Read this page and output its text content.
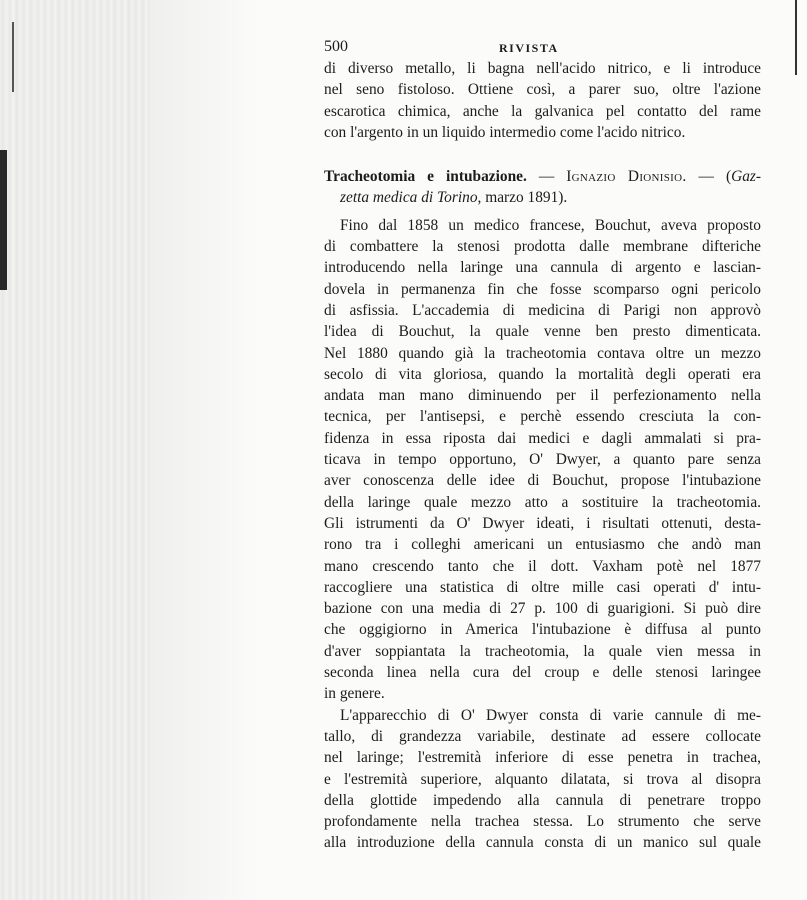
500	RIVISTA

di diverso metallo, li bagna nell'acido nitrico, e li introduce
nel seno fistoloso. Ottiene così, a parer suo, oltre l'azione
escarotica chimica, anche la galvanica pel contatto del rame
con l'argento in un liquido intermedio come l'acido nitrico.

Tracheotomia e intubazione. — Ignazio Dionisio. — (Gaz-
zetta medica di Torino, marzo 1891).

Fino dal 1858 un medico francese, Bouchut, aveva proposto
di combattere la stenosi prodotta dalle membrane difteriche
introducendo nella laringe una cannula di argento e lascian-
dovela in permanenza fin che fosse scomparso ogni pericolo
di asfissia. L'accademia di medicina di Parigi non approvò
l'idea di Bouchut, la quale venne ben presto dimenticata.
Nel 1880 quando già la tracheotomia contava oltre un mezzo
secolo di vita gloriosa, quando la mortalità degli operati era
andata man mano diminuendo per il perfezionamento nella
tecnica, per l'antisepsi, e perchè essendo cresciuta la con-
fidenza in essa riposta dai medici e dagli ammalati si pra-
ticava in tempo opportuno, O' Dwyer, a quanto pare senza
aver conoscenza delle idee di Bouchut, propose l'intubazione
della laringe quale mezzo atto a sostituire la tracheotomia.
Gli istrumenti da O' Dwyer ideati, i risultati ottenuti, desta-
rono tra i colleghi americani un entusiasmo che andò man
mano crescendo tanto che il dott. Vaxham potè nel 1877
raccogliere una statistica di oltre mille casi operati d' intu-
bazione con una media di 27 p. 100 di guarigioni. Si può dire
che oggigiorno in America l'intubazione è diffusa al punto
d'aver soppiantata la tracheotomia, la quale vien messa in
seconda linea nella cura del croup e delle stenosi laringee
in genere.

L'apparecchio di O' Dwyer consta di varie cannule di me-
tallo, di grandezza variabile, destinate ad essere collocate
nel laringe; l'estremità inferiore di esse penetra in trachea,
e l'estremità superiore, alquanto dilatata, si trova al disopra
della glottide impedendo alla cannula di penetrare troppo
profondamente nella trachea stessa. Lo strumento che serve
alla introduzione della cannula consta di un manico sul quale
